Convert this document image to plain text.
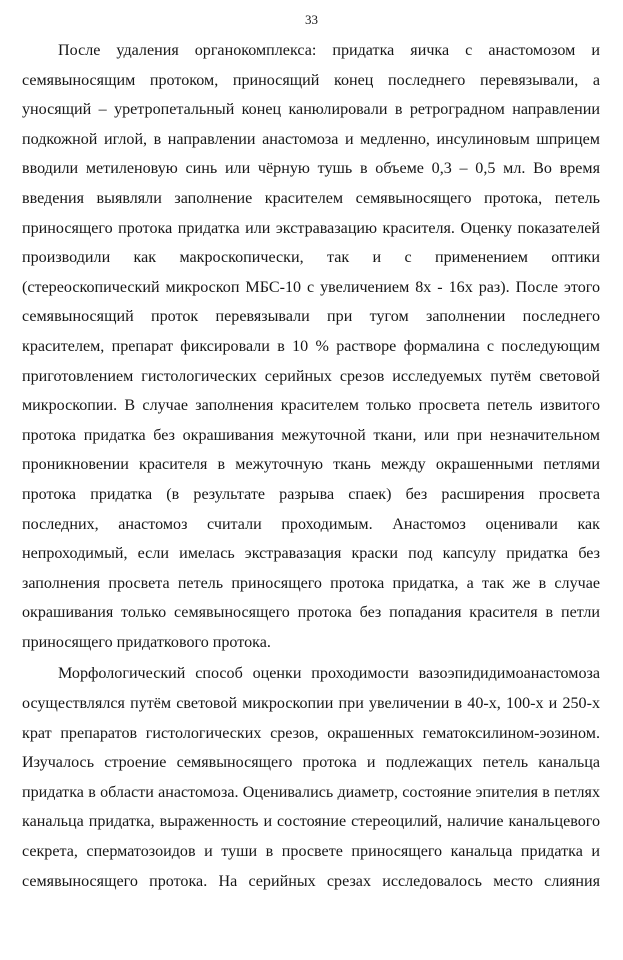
33
После удаления органокомплекса: придатка яичка с анастомозом и
семявыносящим протоком, приносящий конец последнего перевязывали, а
уносящий – уретропетальный конец канюлировали в ретроградном направлении
подкожной иглой, в направлении анастомоза и медленно, инсулиновым шприцем
вводили метиленовую синь или чёрную тушь в объеме 0,3 – 0,5 мл. Во время
введения выявляли заполнение красителем семявыносящего протока, петель
приносящего протока придатка или экстравазацию красителя. Оценку показателей
производили как макроскопически, так и с применением оптики
(стереоскопический микроскоп МБС-10 с увеличением 8х - 16х раз). После этого
семявыносящий проток перевязывали при тугом заполнении последнего
красителем, препарат фиксировали в 10 % растворе формалина с последующим
приготовлением гистологических серийных срезов исследуемых путём световой
микроскопии. В случае заполнения красителем только просвета петель извитого
протока придатка без окрашивания межуточной ткани, или при незначительном
проникновении красителя в межуточную ткань между окрашенными петлями
протока придатка (в результате разрыва спаек) без расширения просвета
последних, анастомоз считали проходимым. Анастомоз оценивали как
непроходимый, если имелась экстравазация краски под капсулу придатка без
заполнения просвета петель приносящего протока придатка, а так же в случае
окрашивания только семявыносящего протока без попадания красителя в петли
приносящего придаткового протока.
Морфологический способ оценки проходимости вазоэпидидимоанастомоза
осуществлялся путём световой микроскопии при увеличении в 40-х, 100-х и 250-х
крат препаратов гистологических срезов, окрашенных гематоксилином-эозином.
Изучалось строение семявыносящего протока и подлежащих петель канальца
придатка в области анастомоза. Оценивались диаметр, состояние эпителия в петлях
канальца придатка, выраженность и состояние стереоцилий, наличие канальцевого
секрета, сперматозоидов и туши в просвете приносящего канальца придатка и
семявыносящего протока. На серийных срезах исследовалось место слияния
